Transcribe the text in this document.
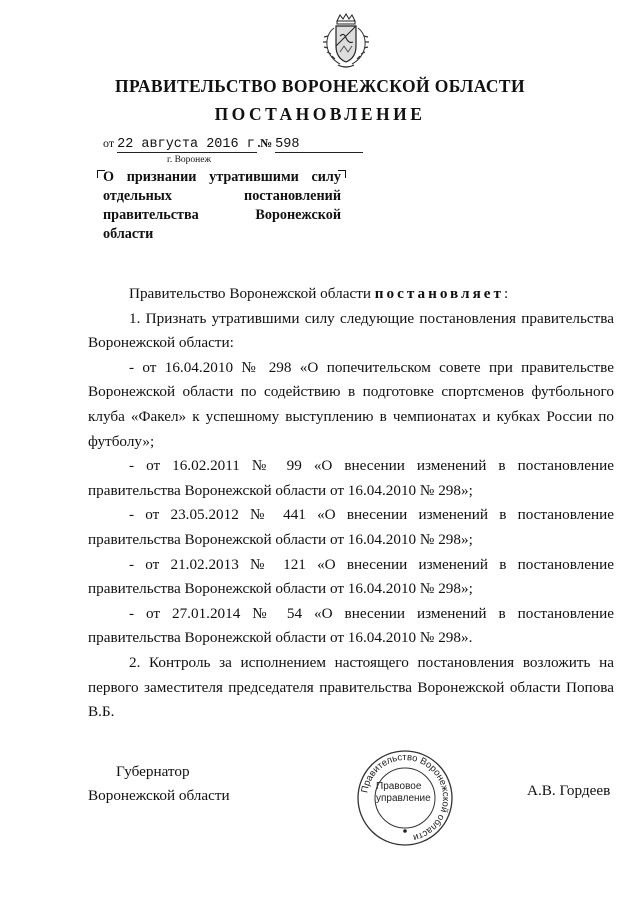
ПРАВИТЕЛЬСТВО ВОРОНЕЖСКОЙ ОБЛАСТИ
ПОСТАНОВЛЕНИЕ
от 22 августа 2016 г.№ 598
г. Воронеж
О признании утратившими силу отдельных постановлений правительства Воронежской области

Правительство Воронежской области постановляет:

1. Признать утратившими силу следующие постановления правительства Воронежской области:

- от 16.04.2010 № 298 «О попечительском совете при правительстве Воронежской области по содействию в подготовке спортсменов футбольного клуба «Факел» к успешному выступлению в чемпионатах и кубках России по футболу»;

- от 16.02.2011 № 99 «О внесении изменений в постановление правительства Воронежской области от 16.04.2010 № 298»;

- от 23.05.2012 № 441 «О внесении изменений в постановление правительства Воронежской области от 16.04.2010 № 298»;

- от 21.02.2013 № 121 «О внесении изменений в постановление правительства Воронежской области от 16.04.2010 № 298»;

- от 27.01.2014 № 54 «О внесении изменений в постановление правительства Воронежской области от 16.04.2010 № 298».

2. Контроль за исполнением настоящего постановления возложить на первого заместителя председателя правительства Воронежской области Попова В.Б.

Губернатор
Воронежской области	Правительство Воронежской области
Правовое
управление	А.В. Гордеев
